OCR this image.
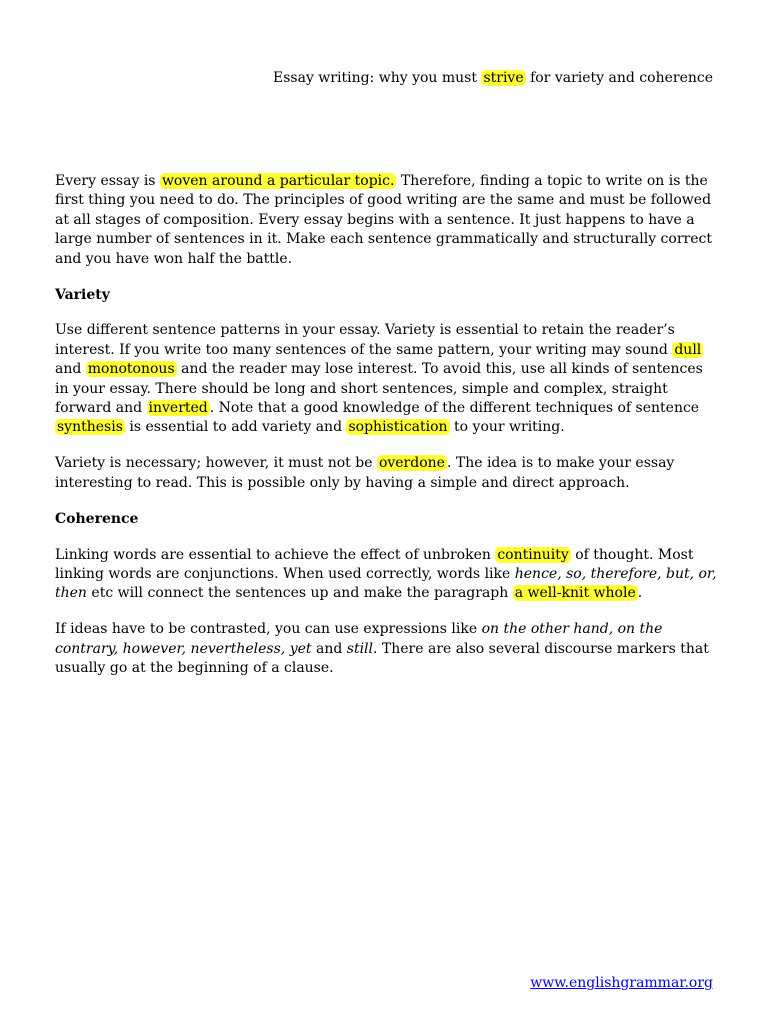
Essay writing: why you must strive for variety and coherence

Every essay is woven around a particular topic. Therefore, finding a topic to write on is the first thing you need to do. The principles of good writing are the same and must be followed at all stages of composition. Every essay begins with a sentence. It just happens to have a large number of sentences in it. Make each sentence grammatically and structurally correct and you have won half the battle.

Variety

Use different sentence patterns in your essay. Variety is essential to retain the reader’s interest. If you write too many sentences of the same pattern, your writing may sound dull and monotonous and the reader may lose interest. To avoid this, use all kinds of sentences in your essay. There should be long and short sentences, simple and complex, straight forward and inverted . Note that a good knowledge of the different techniques of sentence synthesis is essential to add variety and sophistication to your writing.

Variety is necessary; however, it must not be overdone . The idea is to make your essay interesting to read. This is possible only by having a simple and direct approach.

Coherence

Linking words are essential to achieve the effect of unbroken continuity of thought. Most linking words are conjunctions. When used correctly, words like hence, so, therefore, but, or, then etc will connect the sentences up and make the paragraph a well-knit whole .

If ideas have to be contrasted, you can use expressions like on the other hand, on the contrary, however, nevertheless, yet and still. There are also several discourse markers that usually go at the beginning of a clause.

www.englishgrammar.org
